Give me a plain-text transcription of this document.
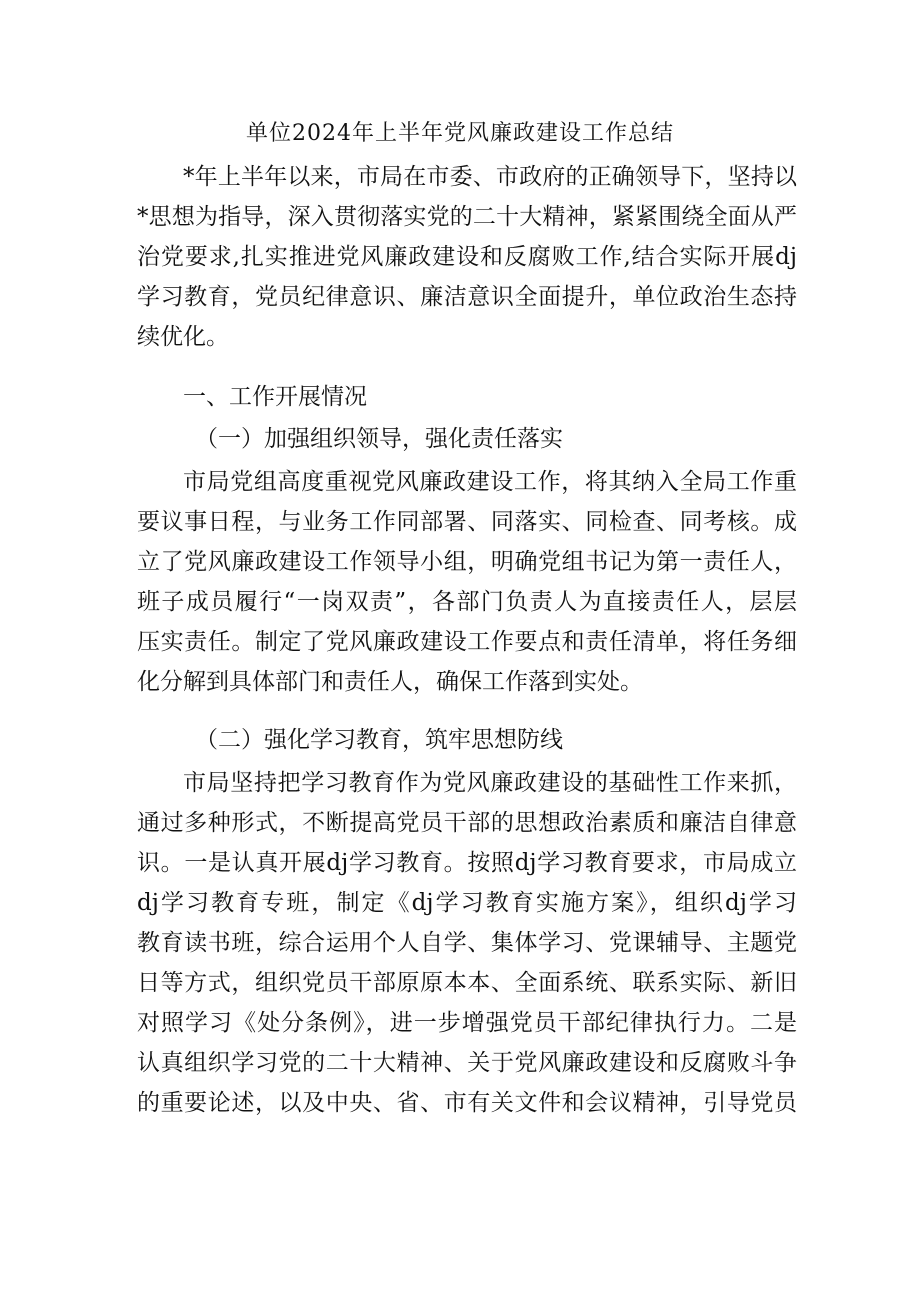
单位2024年上半年党风廉政建设工作总结
*年上半年以来，市局在市委、市政府的正确领导下，坚持以
*思想为指导，深入贯彻落实党的二十大精神，紧紧围绕全面从严
治党要求,扎实推进党风廉政建设和反腐败工作,结合实际开展dj
学习教育，党员纪律意识、廉洁意识全面提升，单位政治生态持
续优化。
一、工作开展情况
（一）加强组织领导，强化责任落实
市局党组高度重视党风廉政建设工作，将其纳入全局工作重
要议事日程，与业务工作同部署、同落实、同检查、同考核。成
立了党风廉政建设工作领导小组，明确党组书记为第一责任人，
班子成员履行“一岗双责”，各部门负责人为直接责任人，层层
压实责任。制定了党风廉政建设工作要点和责任清单，将任务细
化分解到具体部门和责任人，确保工作落到实处。
（二）强化学习教育，筑牢思想防线
市局坚持把学习教育作为党风廉政建设的基础性工作来抓，
通过多种形式，不断提高党员干部的思想政治素质和廉洁自律意
识。一是认真开展dj学习教育。按照dj学习教育要求，市局成立
dj学习教育专班，制定《dj学习教育实施方案》，组织dj学习
教育读书班，综合运用个人自学、集体学习、党课辅导、主题党
日等方式，组织党员干部原原本本、全面系统、联系实际、新旧
对照学习《处分条例》，进一步增强党员干部纪律执行力。二是
认真组织学习党的二十大精神、关于党风廉政建设和反腐败斗争
的重要论述，以及中央、省、市有关文件和会议精神，引导党员
